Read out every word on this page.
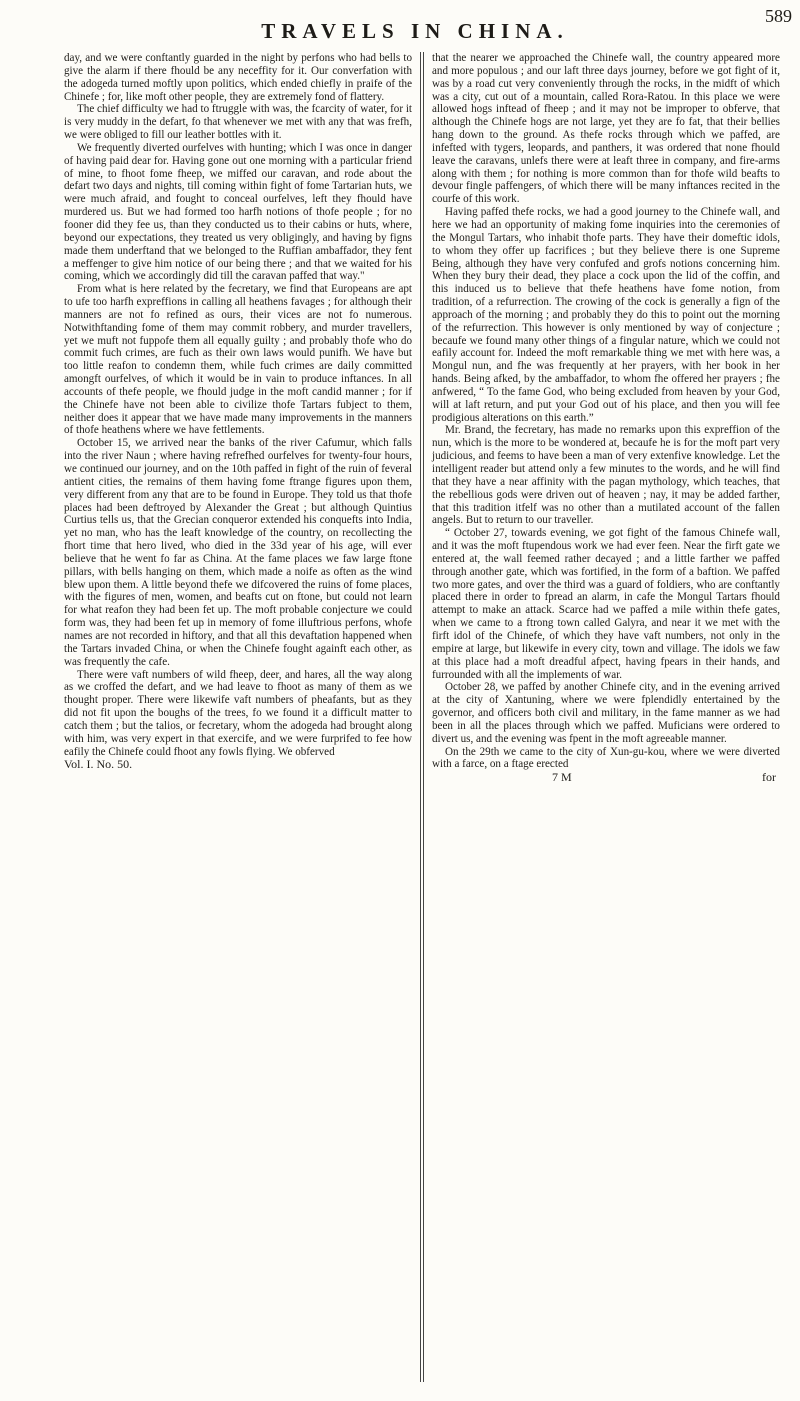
TRAVELS IN CHINA.
589

day, and we were conftantly guarded in the night by perfons who had bells to give the alarm if there fhould be any neceffity for it. Our converfation with the adogeda turned moftly upon politics, which ended chiefly in praife of the Chinefe ; for, like moft other people, they are extremely fond of flattery.

The chief difficulty we had to ftruggle with was, the fcarcity of water, for it is very muddy in the defart, fo that whenever we met with any that was frefh, we were obliged to fill our leather bottles with it.

We frequently diverted ourfelves with hunting; which I was once in danger of having paid dear for. Having gone out one morning with a particular friend of mine, to fhoot fome fheep, we miffed our caravan, and rode about the defart two days and nights, till coming within fight of fome Tartarian huts, we were much afraid, and fought to conceal ourfelves, left they fhould have murdered us. But we had formed too harfh notions of thofe people ; for no fooner did they fee us, than they conducted us to their cabins or huts, where, beyond our expectations, they treated us very obligingly, and having by figns made them underftand that we belonged to the Ruffian ambaffador, they fent a meffenger to give him notice of our being there ; and that we waited for his coming, which we accordingly did till the caravan paffed that way."

From what is here related by the fecretary, we find that Europeans are apt to ufe too harfh expreffions in calling all heathens favages ; for although their manners are not fo refined as ours, their vices are not fo numerous. Notwithftanding fome of them may commit robbery, and murder travellers, yet we muft not fuppofe them all equally guilty ; and probably thofe who do commit fuch crimes, are fuch as their own laws would punifh. We have but too little reafon to condemn them, while fuch crimes are daily committed amongft ourfelves, of which it would be in vain to produce inftances. In all accounts of thefe people, we fhould judge in the moft candid manner ; for if the Chinefe have not been able to civilize thofe Tartars fubject to them, neither does it appear that we have made many improvements in the manners of thofe heathens where we have fettlements.

October 15, we arrived near the banks of the river Cafumur, which falls into the river Naun ; where having refrefhed ourfelves for twenty-four hours, we continued our journey, and on the 10th paffed in fight of the ruin of feveral antient cities, the remains of them having fome ftrange figures upon them, very different from any that are to be found in Europe. They told us that thofe places had been deftroyed by Alexander the Great ; but although Quintius Curtius tells us, that the Grecian conqueror extended his conquefts into India, yet no man, who has the leaft knowledge of the country, on recollecting the fhort time that hero lived, who died in the 33d year of his age, will ever believe that he went fo far as China. At the fame places we faw large ftone pillars, with bells hanging on them, which made a noife as often as the wind blew upon them. A little beyond thefe we difcovered the ruins of fome places, with the figures of men, women, and beafts cut on ftone, but could not learn for what reafon they had been fet up. The moft probable conjecture we could form was, they had been fet up in memory of fome illuftrious perfons, whofe names are not recorded in hiftory, and that all this devaftation happened when the Tartars invaded China, or when the Chinefe fought againft each other, as was frequently the cafe.

There were vaft numbers of wild fheep, deer, and hares, all the way along as we croffed the defart, and we had leave to fhoot as many of them as we thought proper. There were likewife vaft numbers of pheafants, but as they did not fit upon the boughs of the trees, fo we found it a difficult matter to catch them ; but the talios, or fecretary, whom the adogeda had brought along with him, was very expert in that exercife, and we were furprifed to fee how eafily the Chinefe could fhoot any fowls flying. We obferved

Vol. I. No. 50.

that the nearer we approached the Chinefe wall, the country appeared more and more populous ; and our laft three days journey, before we got fight of it, was by a road cut very conveniently through the rocks, in the midft of which was a city, cut out of a mountain, called Rora-Ratou. In this place we were allowed hogs inftead of fheep ; and it may not be improper to obferve, that although the Chinefe hogs are not large, yet they are fo fat, that their bellies hang down to the ground. As thefe rocks through which we paffed, are infefted with tygers, leopards, and panthers, it was ordered that none fhould leave the caravans, unlefs there were at leaft three in company, and fire-arms along with them ; for nothing is more common than for thofe wild beafts to devour fingle paffengers, of which there will be many inftances recited in the courfe of this work.

Having paffed thefe rocks, we had a good journey to the Chinefe wall, and here we had an opportunity of making fome inquiries into the ceremonies of the Mongul Tartars, who inhabit thofe parts. They have their domeftic idols, to whom they offer up facrifices ; but they believe there is one Supreme Being, although they have very confufed and grofs notions concerning him. When they bury their dead, they place a cock upon the lid of the coffin, and this induced us to believe that thefe heathens have fome notion, from tradition, of a refurrection. The crowing of the cock is generally a fign of the approach of the morning ; and probably they do this to point out the morning of the refurrection. This however is only mentioned by way of conjecture ; becaufe we found many other things of a fingular nature, which we could not eafily account for. Indeed the moft remarkable thing we met with here was, a Mongul nun, and fhe was frequently at her prayers, with her book in her hands. Being afked, by the ambaffador, to whom fhe offered her prayers ; fhe anfwered, “ To the fame God, who being excluded from heaven by your God, will at laft return, and put your God out of his place, and then you will fee prodigious alterations on this earth.”

Mr. Brand, the fecretary, has made no remarks upon this expreffion of the nun, which is the more to be wondered at, becaufe he is for the moft part very judicious, and feems to have been a man of very extenfive knowledge. Let the intelligent reader but attend only a few minutes to the words, and he will find that they have a near affinity with the pagan mythology, which teaches, that the rebellious gods were driven out of heaven ; nay, it may be added farther, that this tradition itfelf was no other than a mutilated account of the fallen angels. But to return to our traveller.

“ October 27, towards evening, we got fight of the famous Chinefe wall, and it was the moft ftupendous work we had ever feen. Near the firft gate we entered at, the wall feemed rather decayed ; and a little farther we paffed through another gate, which was fortified, in the form of a baftion. We paffed two more gates, and over the third was a guard of foldiers, who are conftantly placed there in order to fpread an alarm, in cafe the Mongul Tartars fhould attempt to make an attack. Scarce had we paffed a mile within thefe gates, when we came to a ftrong town called Galyra, and near it we met with the firft idol of the Chinefe, of which they have vaft numbers, not only in the empire at large, but likewife in every city, town and village. The idols we faw at this place had a moft dreadful afpect, having fpears in their hands, and furrounded with all the implements of war.

October 28, we paffed by another Chinefe city, and in the evening arrived at the city of Xantuning, where we were fplendidly entertained by the governor, and officers both civil and military, in the fame manner as we had been in all the places through which we paffed. Muficians were ordered to divert us, and the evening was fpent in the moft agreeable manner.

On the 29th we came to the city of Xun-gu-kou, where we were diverted with a farce, on a ftage erected

7 M	for
